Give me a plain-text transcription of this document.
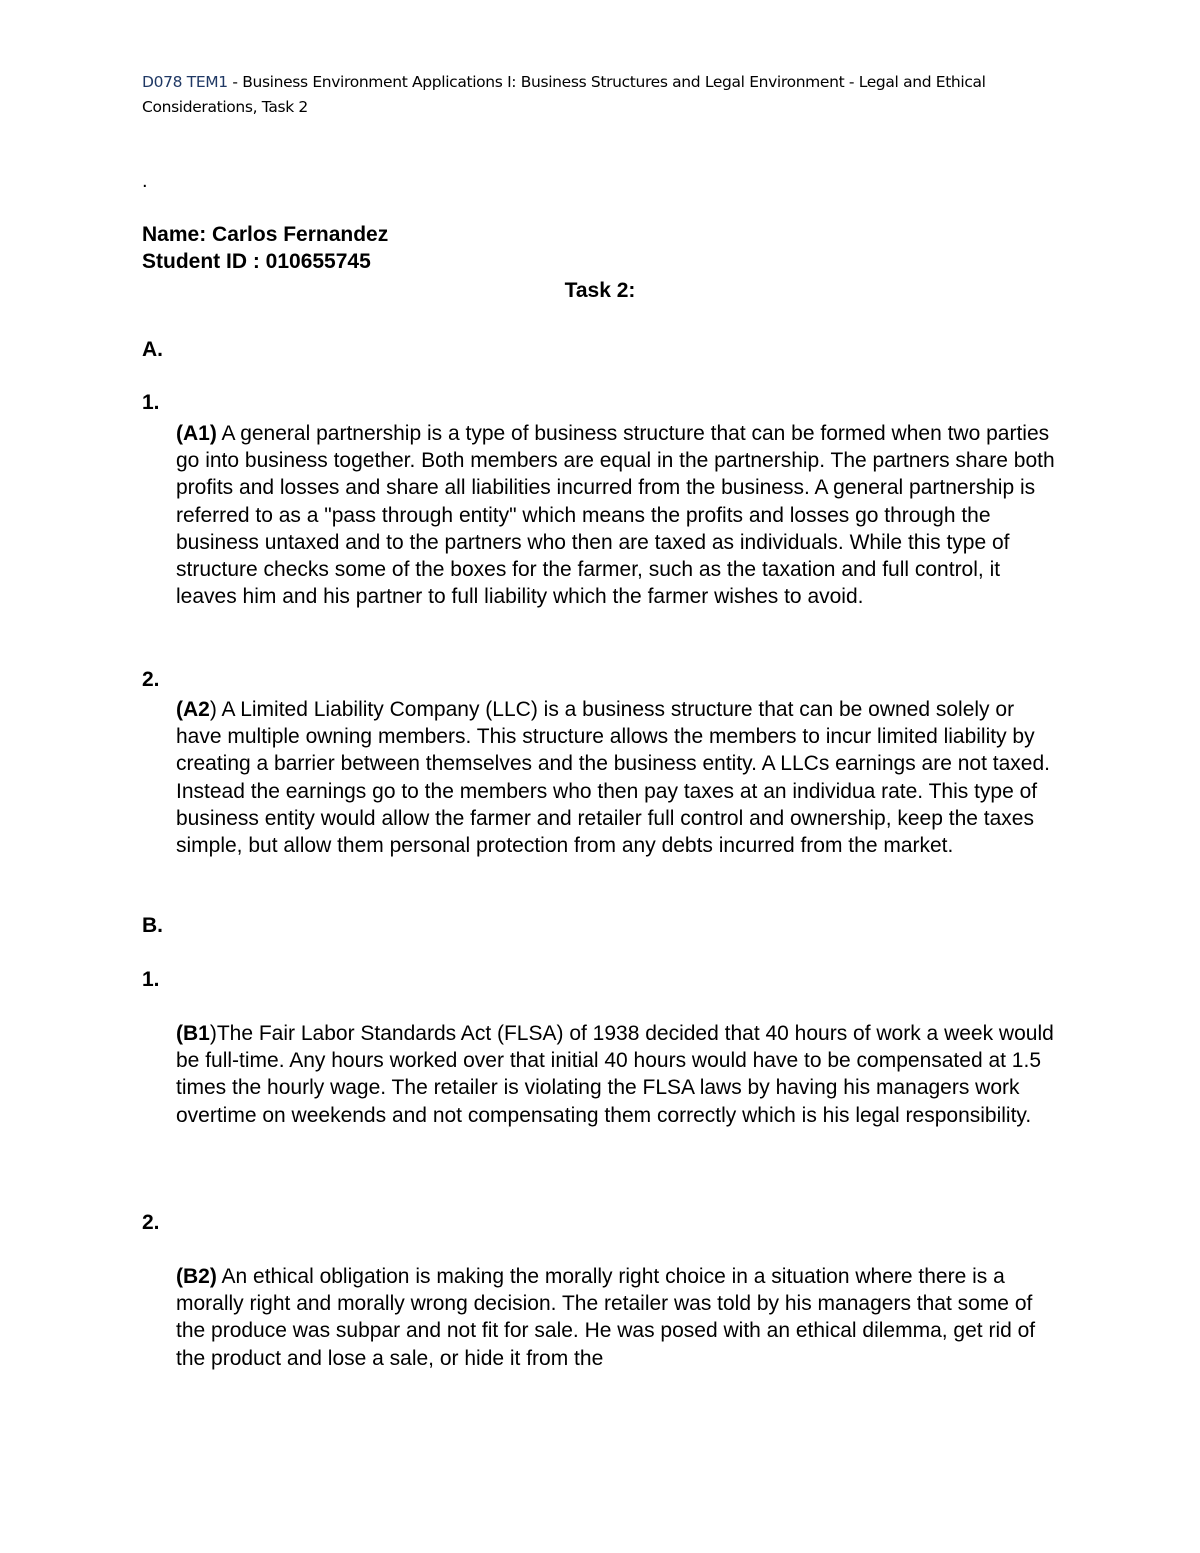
D078 TEM1 - Business Environment Applications I: Business Structures and Legal Environment - Legal and Ethical Considerations, Task 2
.
Name: Carlos Fernandez
Student ID : 010655745
Task 2:
A.
1.
(A1) A general partnership is a type of business structure that can be formed when two parties go into business together. Both members are equal in the partnership. The partners share both profits and losses and share all liabilities incurred from the business. A general partnership is referred to as a "pass through entity" which means the profits and losses go through the business untaxed and to the partners who then are taxed as individuals. While this type of structure checks some of the boxes for the farmer, such as the taxation and full control, it leaves him and his partner to full liability which the farmer wishes to avoid.
2.
(A2) A Limited Liability Company (LLC) is a business structure that can be owned solely or have multiple owning members. This structure allows the members to incur limited liability by creating a barrier between themselves and the business entity. A LLCs earnings are not taxed. Instead the earnings go to the members who then pay taxes at an individua rate. This type of business entity would allow the farmer and retailer full control and ownership, keep the taxes simple, but allow them personal protection from any debts incurred from the market.
B.
1.
(B1)The Fair Labor Standards Act (FLSA) of 1938 decided that 40 hours of work a week would be full-time. Any hours worked over that initial 40 hours would have to be compensated at 1.5 times the hourly wage. The retailer is violating the FLSA laws by having his managers work overtime on weekends and not compensating them correctly which is his legal responsibility.
2.
(B2) An ethical obligation is making the morally right choice in a situation where there is a morally right and morally wrong decision. The retailer was told by his managers that some of the produce was subpar and not fit for sale. He was posed with an ethical dilemma, get rid of the product and lose a sale, or hide it from the
